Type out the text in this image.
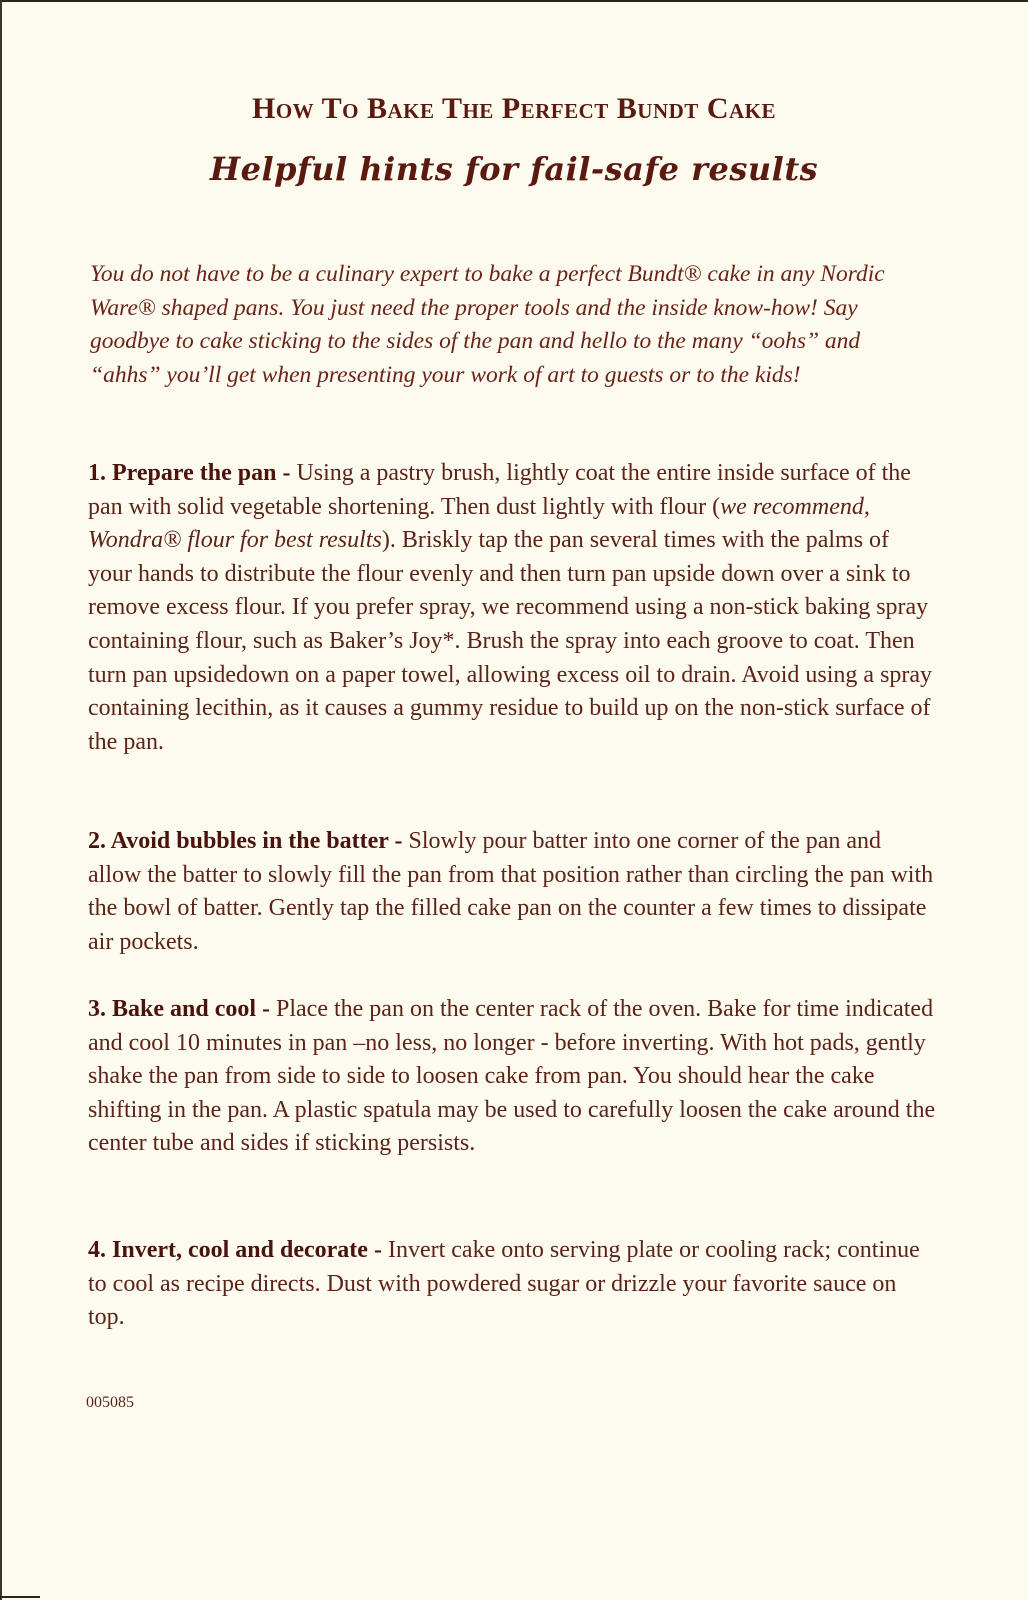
How To Bake The Perfect Bundt Cake
Helpful hints for fail-safe results

You do not have to be a culinary expert to bake a perfect Bundt® cake in any Nordic Ware® shaped pans. You just need the proper tools and the inside know-how! Say goodbye to cake sticking to the sides of the pan and hello to the many “oohs” and “ahhs” you’ll get when presenting your work of art to guests or to the kids!

1. Prepare the pan - Using a pastry brush, lightly coat the entire inside surface of the pan with solid vegetable shortening. Then dust lightly with flour (we recommend, Wondra® flour for best results). Briskly tap the pan several times with the palms of your hands to distribute the flour evenly and then turn pan upside down over a sink to remove excess flour. If you prefer spray, we recommend using a non-stick baking spray containing flour, such as Baker’s Joy*. Brush the spray into each groove to coat. Then turn pan upsidedown on a paper towel, allowing excess oil to drain. Avoid using a spray containing lecithin, as it causes a gummy residue to build up on the non-stick surface of the pan.

2. Avoid bubbles in the batter - Slowly pour batter into one corner of the pan and allow the batter to slowly fill the pan from that position rather than circling the pan with the bowl of batter. Gently tap the filled cake pan on the counter a few times to dissipate air pockets.

3. Bake and cool - Place the pan on the center rack of the oven. Bake for time indicated and cool 10 minutes in pan –no less, no longer - before inverting. With hot pads, gently shake the pan from side to side to loosen cake from pan. You should hear the cake shifting in the pan. A plastic spatula may be used to carefully loosen the cake around the center tube and sides if sticking persists.

4. Invert, cool and decorate - Invert cake onto serving plate or cooling rack; continue to cool as recipe directs. Dust with powdered sugar or drizzle your favorite sauce on top.

005085
